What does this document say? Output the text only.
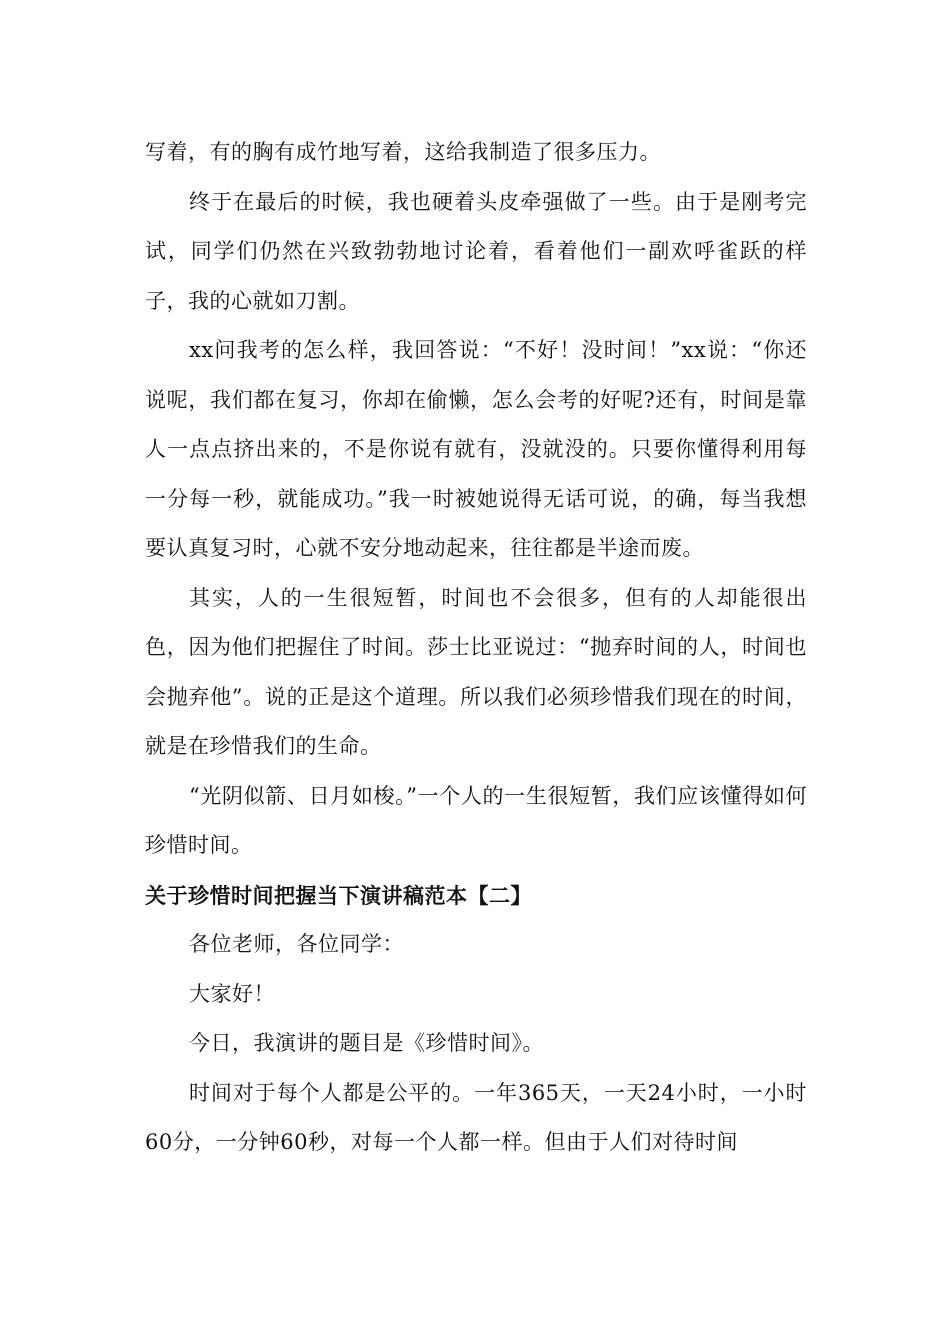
写着，有的胸有成竹地写着，这给我制造了很多压力。

终于在最后的时候，我也硬着头皮牵强做了一些。由于是刚考完试，同学们仍然在兴致勃勃地讨论着，看着他们一副欢呼雀跃的样子，我的心就如刀割。

xx问我考的怎么样，我回答说：“不好！没时间！”xx说：“你还说呢，我们都在复习，你却在偷懒，怎么会考的好呢?还有，时间是靠人一点点挤出来的，不是你说有就有，没就没的。只要你懂得利用每一分每一秒，就能成功。”我一时被她说得无话可说，的确，每当我想要认真复习时，心就不安分地动起来，往往都是半途而废。

其实，人的一生很短暂，时间也不会很多，但有的人却能很出色，因为他们把握住了时间。莎士比亚说过：“抛弃时间的人，时间也会抛弃他”。说的正是这个道理。所以我们必须珍惜我们现在的时间，就是在珍惜我们的生命。

“光阴似箭、日月如梭。”一个人的一生很短暂，我们应该懂得如何珍惜时间。

关于珍惜时间把握当下演讲稿范本【二】

各位老师，各位同学：

大家好！

今日，我演讲的题目是《珍惜时间》。

时间对于每个人都是公平的。一年365天，一天24小时，一小时60分，一分钟60秒，对每一个人都一样。但由于人们对待时间
